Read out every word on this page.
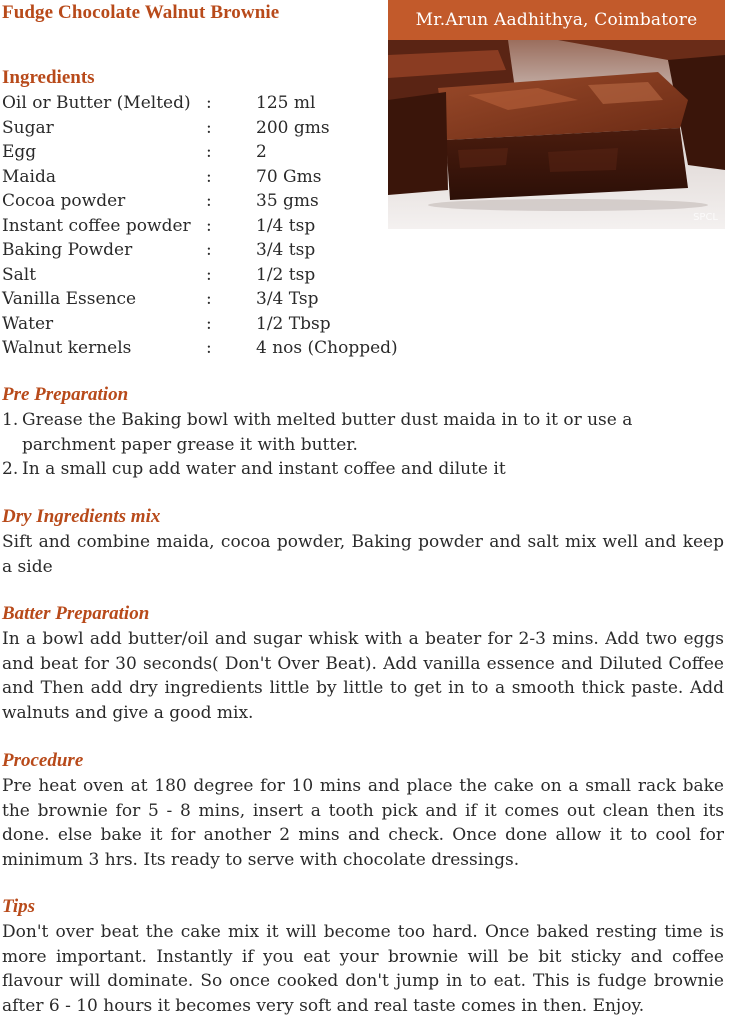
Fudge Chocolate Walnut Brownie	Mr.Arun Aadhithya, Coimbatore
SPCL
Ingredients
Oil or Butter (Melted) :	125 ml
Sugar	:	200 gms
Egg	:	2
Maida	:	70 Gms
Cocoa powder	:	35 gms
Instant coffee powder :	1/4 tsp
Baking Powder	:	3/4 tsp
Salt	:	1/2 tsp
Vanilla Essence	:	3/4 Tsp
Water	:	1/2 Tbsp
Walnut kernels	:	4 nos (Chopped)
Pre Preparation
1. Grease the Baking bowl with melted butter dust maida in to it or use a parchment paper grease it with butter.
2. In a small cup add water and instant coffee and dilute it
Dry Ingredients mix

Sift and combine maida, cocoa powder, Baking powder and salt mix well and keep a side

Batter Preparation

In a bowl add butter/oil and sugar whisk with a beater for 2-3 mins. Add two eggs and beat for 30 seconds( Don't Over Beat). Add vanilla essence and Diluted Coffee and Then add dry ingredients little by little to get in to a smooth thick paste. Add walnuts and give a good mix.

Procedure

Pre heat oven at 180 degree for 10 mins and place the cake on a small rack bake the brownie for 5 - 8 mins, insert a tooth pick and if it comes out clean then its done. else bake it for another 2 mins and check. Once done allow it to cool for minimum 3 hrs. Its ready to serve with chocolate dressings.

Tips

Don't over beat the cake mix it will become too hard. Once baked resting time is more important. Instantly if you eat your brownie will be bit sticky and coffee flavour will dominate. So once cooked don't jump in to eat. This is fudge brownie after 6 - 10 hours it becomes very soft and real taste comes in then. Enjoy.
